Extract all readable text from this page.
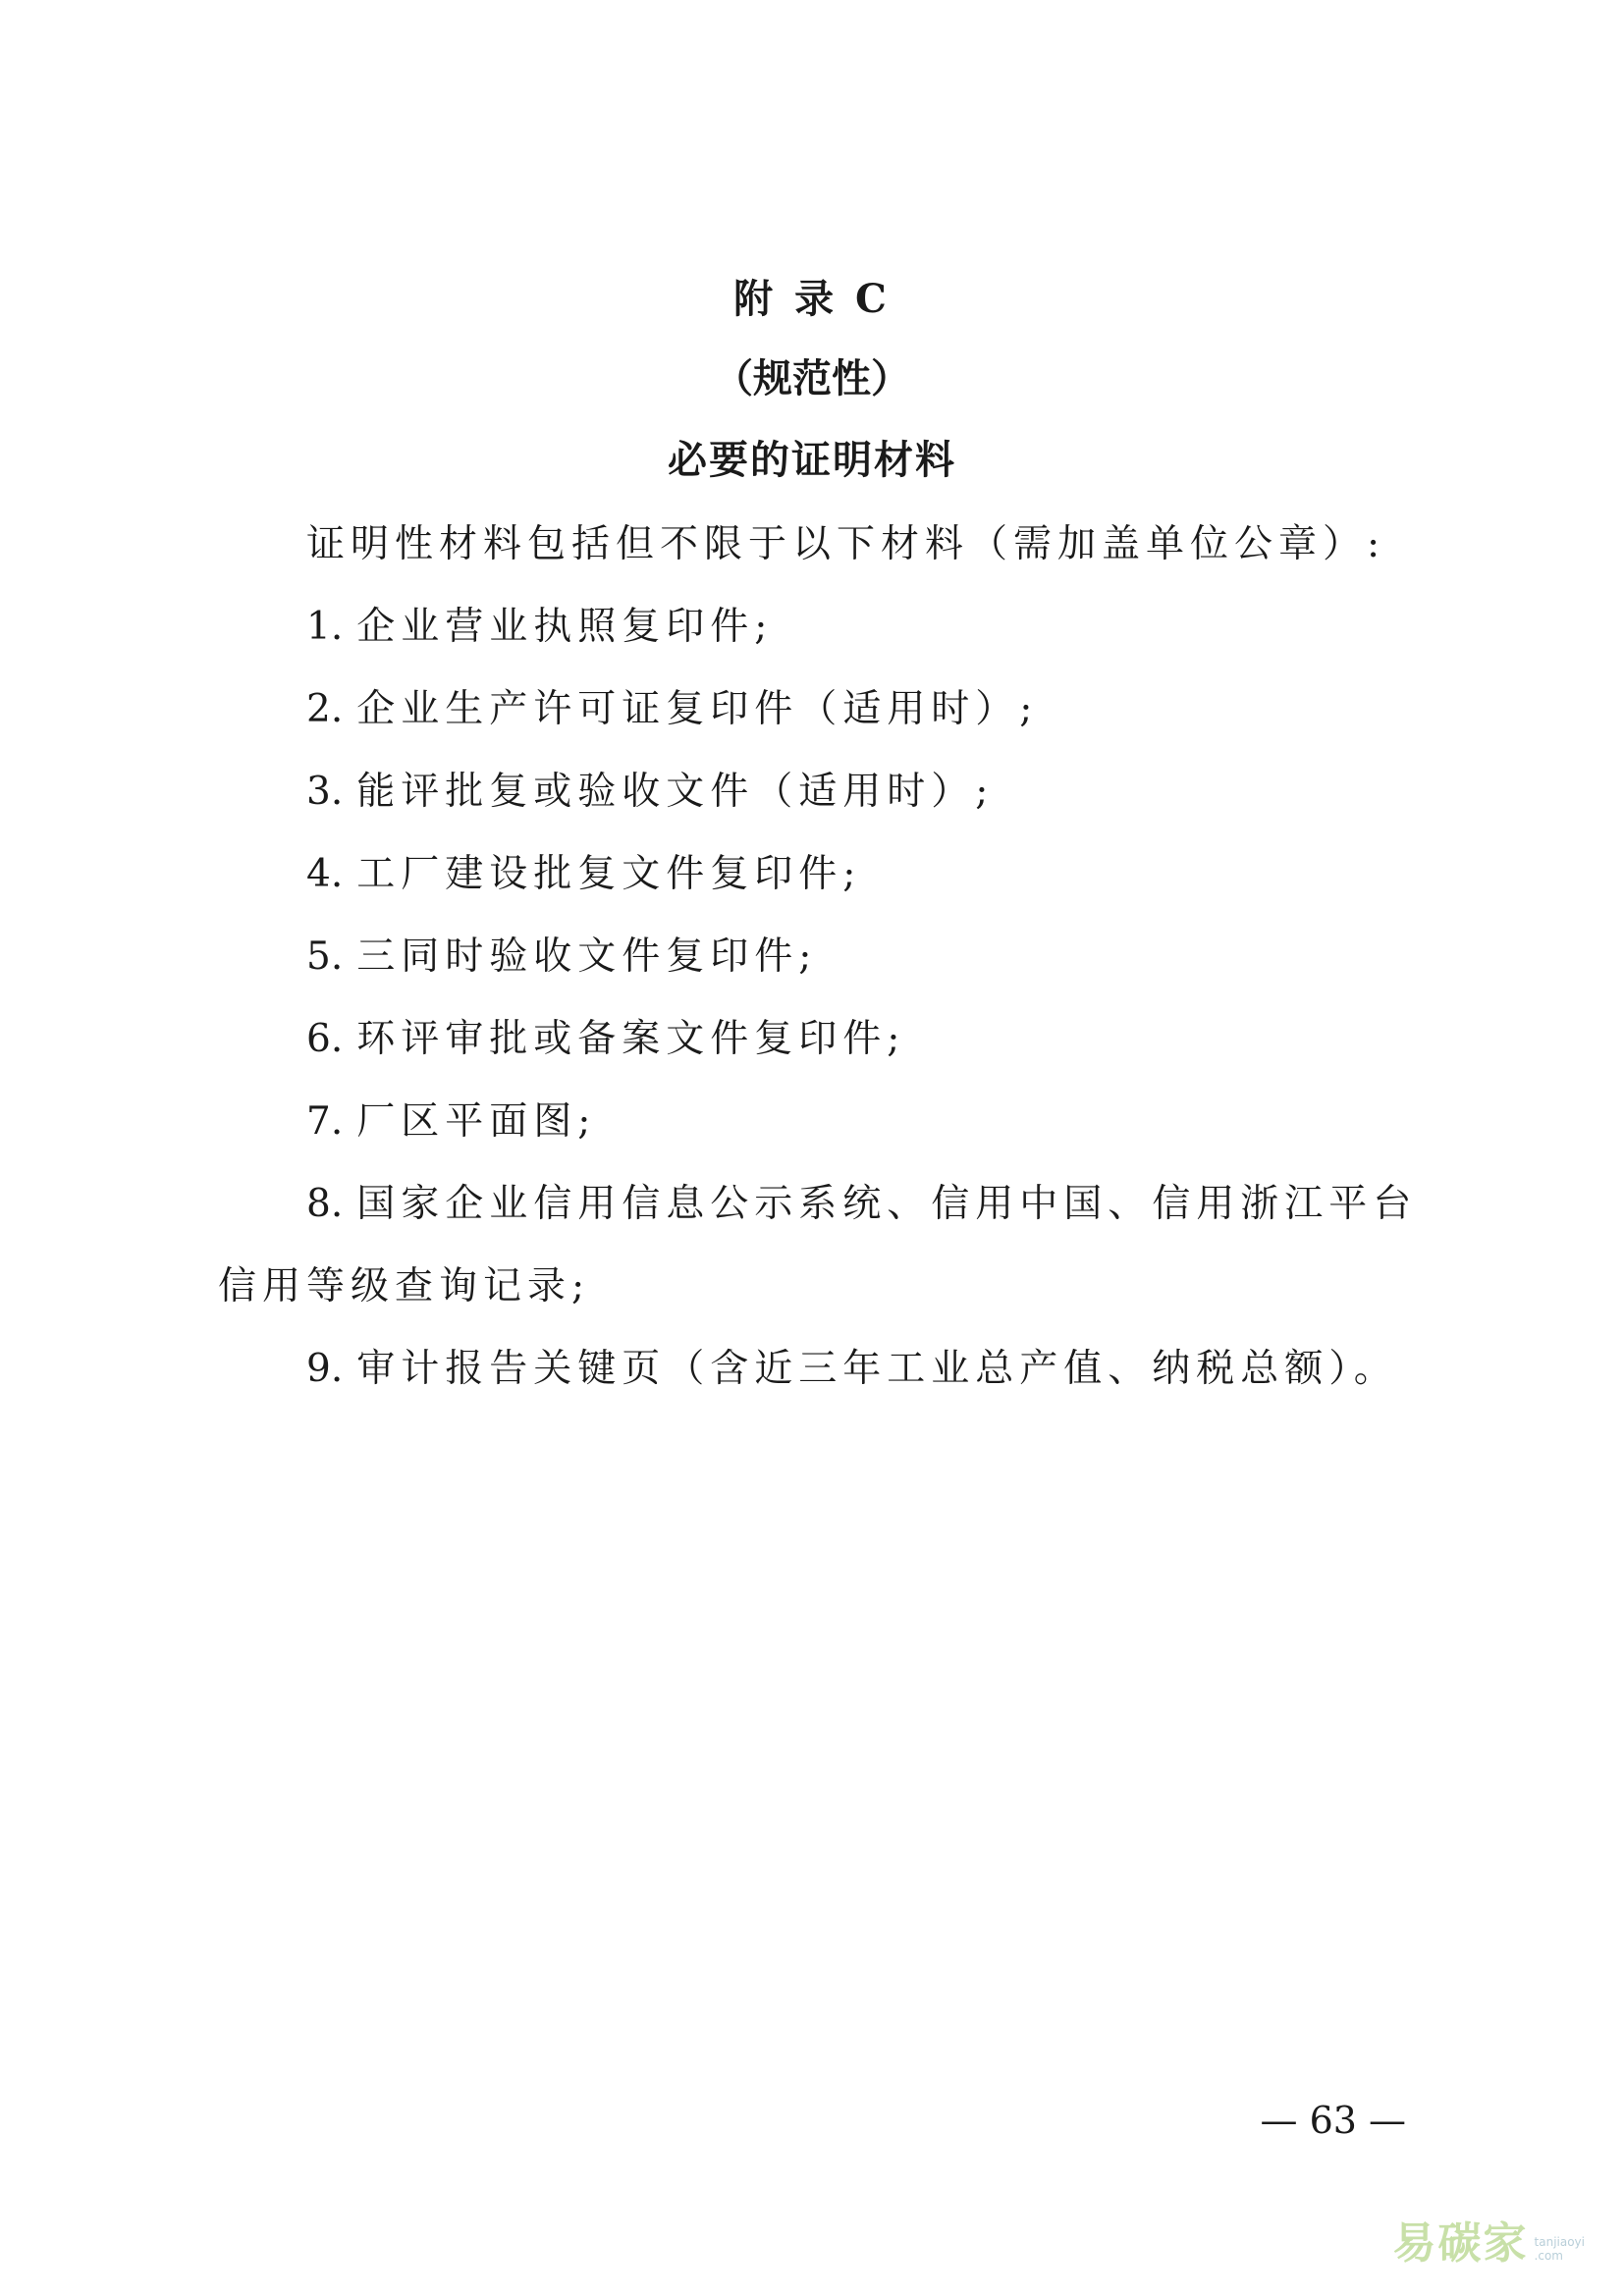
附 录 C
（规范性）
必要的证明材料
证明性材料包括但不限于以下材料（需加盖单位公章）:
1. 企业营业执照复印件;
2. 企业生产许可证复印件（适用时）;
3. 能评批复或验收文件（适用时）;
4. 工厂建设批复文件复印件;
5. 三同时验收文件复印件;
6. 环评审批或备案文件复印件;
7. 厂区平面图;
8. 国家企业信用信息公示系统、信用中国、信用浙江平台
信用等级查询记录;
9. 审计报告关键页（含近三年工业总产值、纳税总额）。
— 63 —
易碳家 tanjiaoyi
.com
